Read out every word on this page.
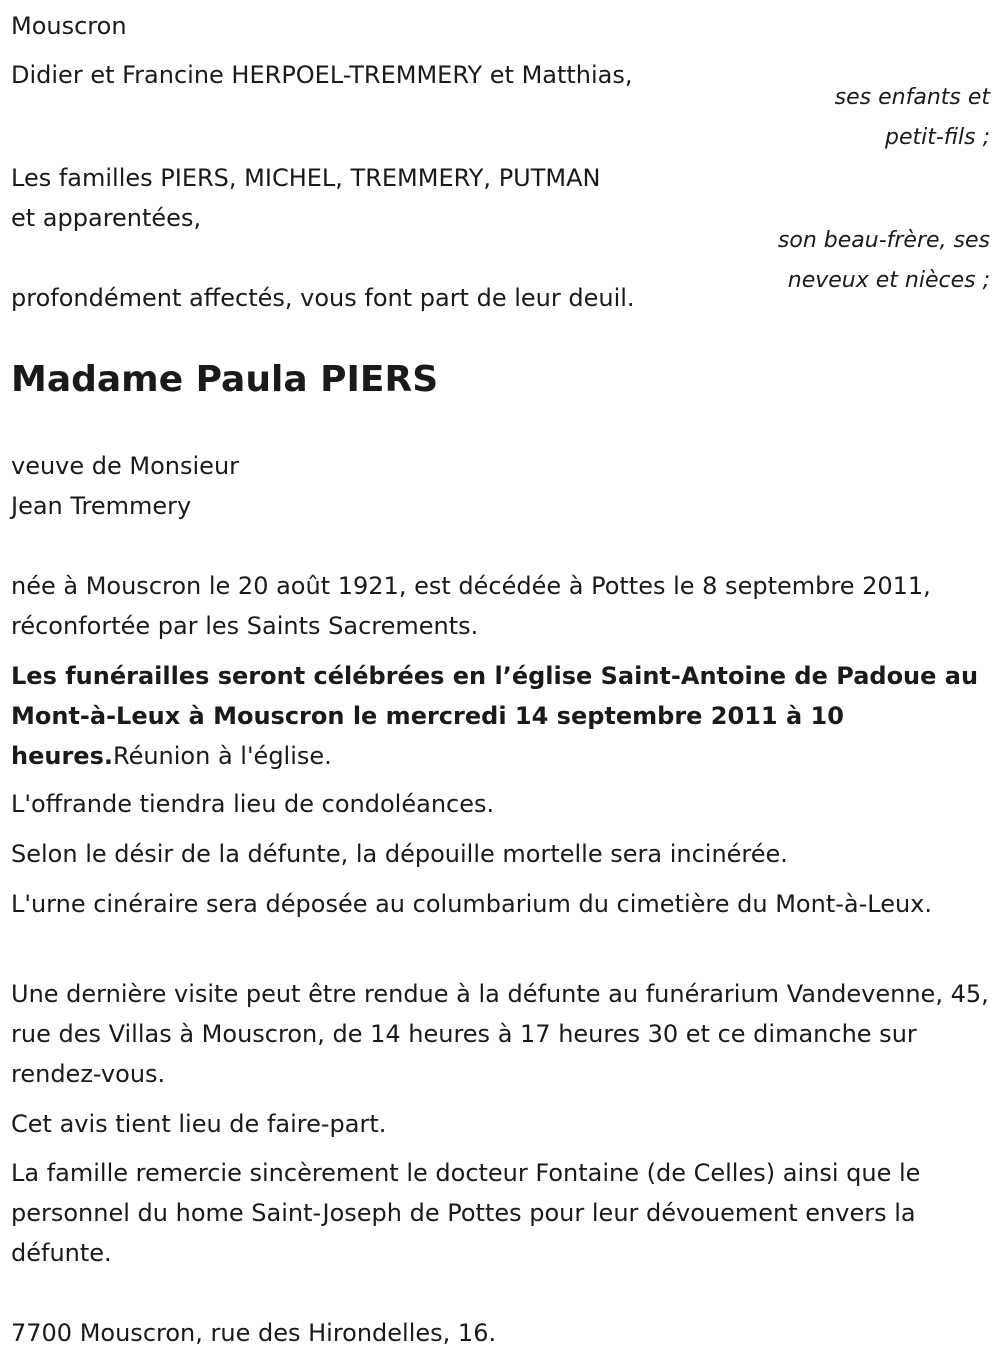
Mouscron

Didier et Francine HERPOEL-TREMMERY et Matthias,

ses enfants et

petit-fils ;

Les familles PIERS, MICHEL, TREMMERY, PUTMAN

et apparentées,

son beau-frère, ses

neveux et nièces ;

profondément affectés, vous font part de leur deuil.

Madame Paula PIERS

veuve de Monsieur

Jean Tremmery

née à Mouscron le 20 août 1921, est décédée à Pottes le 8 septembre 2011, réconfortée par les Saints Sacrements.

Les funérailles seront célébrées en l’église Saint-Antoine de Padoue au Mont-à-Leux à Mouscron le mercredi 14 septembre 2011 à 10 heures.Réunion à l'église.

L'offrande tiendra lieu de condoléances.

Selon le désir de la défunte, la dépouille mortelle sera incinérée.

L'urne cinéraire sera déposée au columbarium du cimetière du Mont-à-Leux.

Une dernière visite peut être rendue à la défunte au funérarium Vandevenne, 45, rue des Villas à Mouscron, de 14 heures à 17 heures 30 et ce dimanche sur rendez-vous.

Cet avis tient lieu de faire-part.

La famille remercie sincèrement le docteur Fontaine (de Celles) ainsi que le personnel du home Saint-Joseph de Pottes pour leur dévouement envers la défunte.

7700 Mouscron, rue des Hirondelles, 16.
